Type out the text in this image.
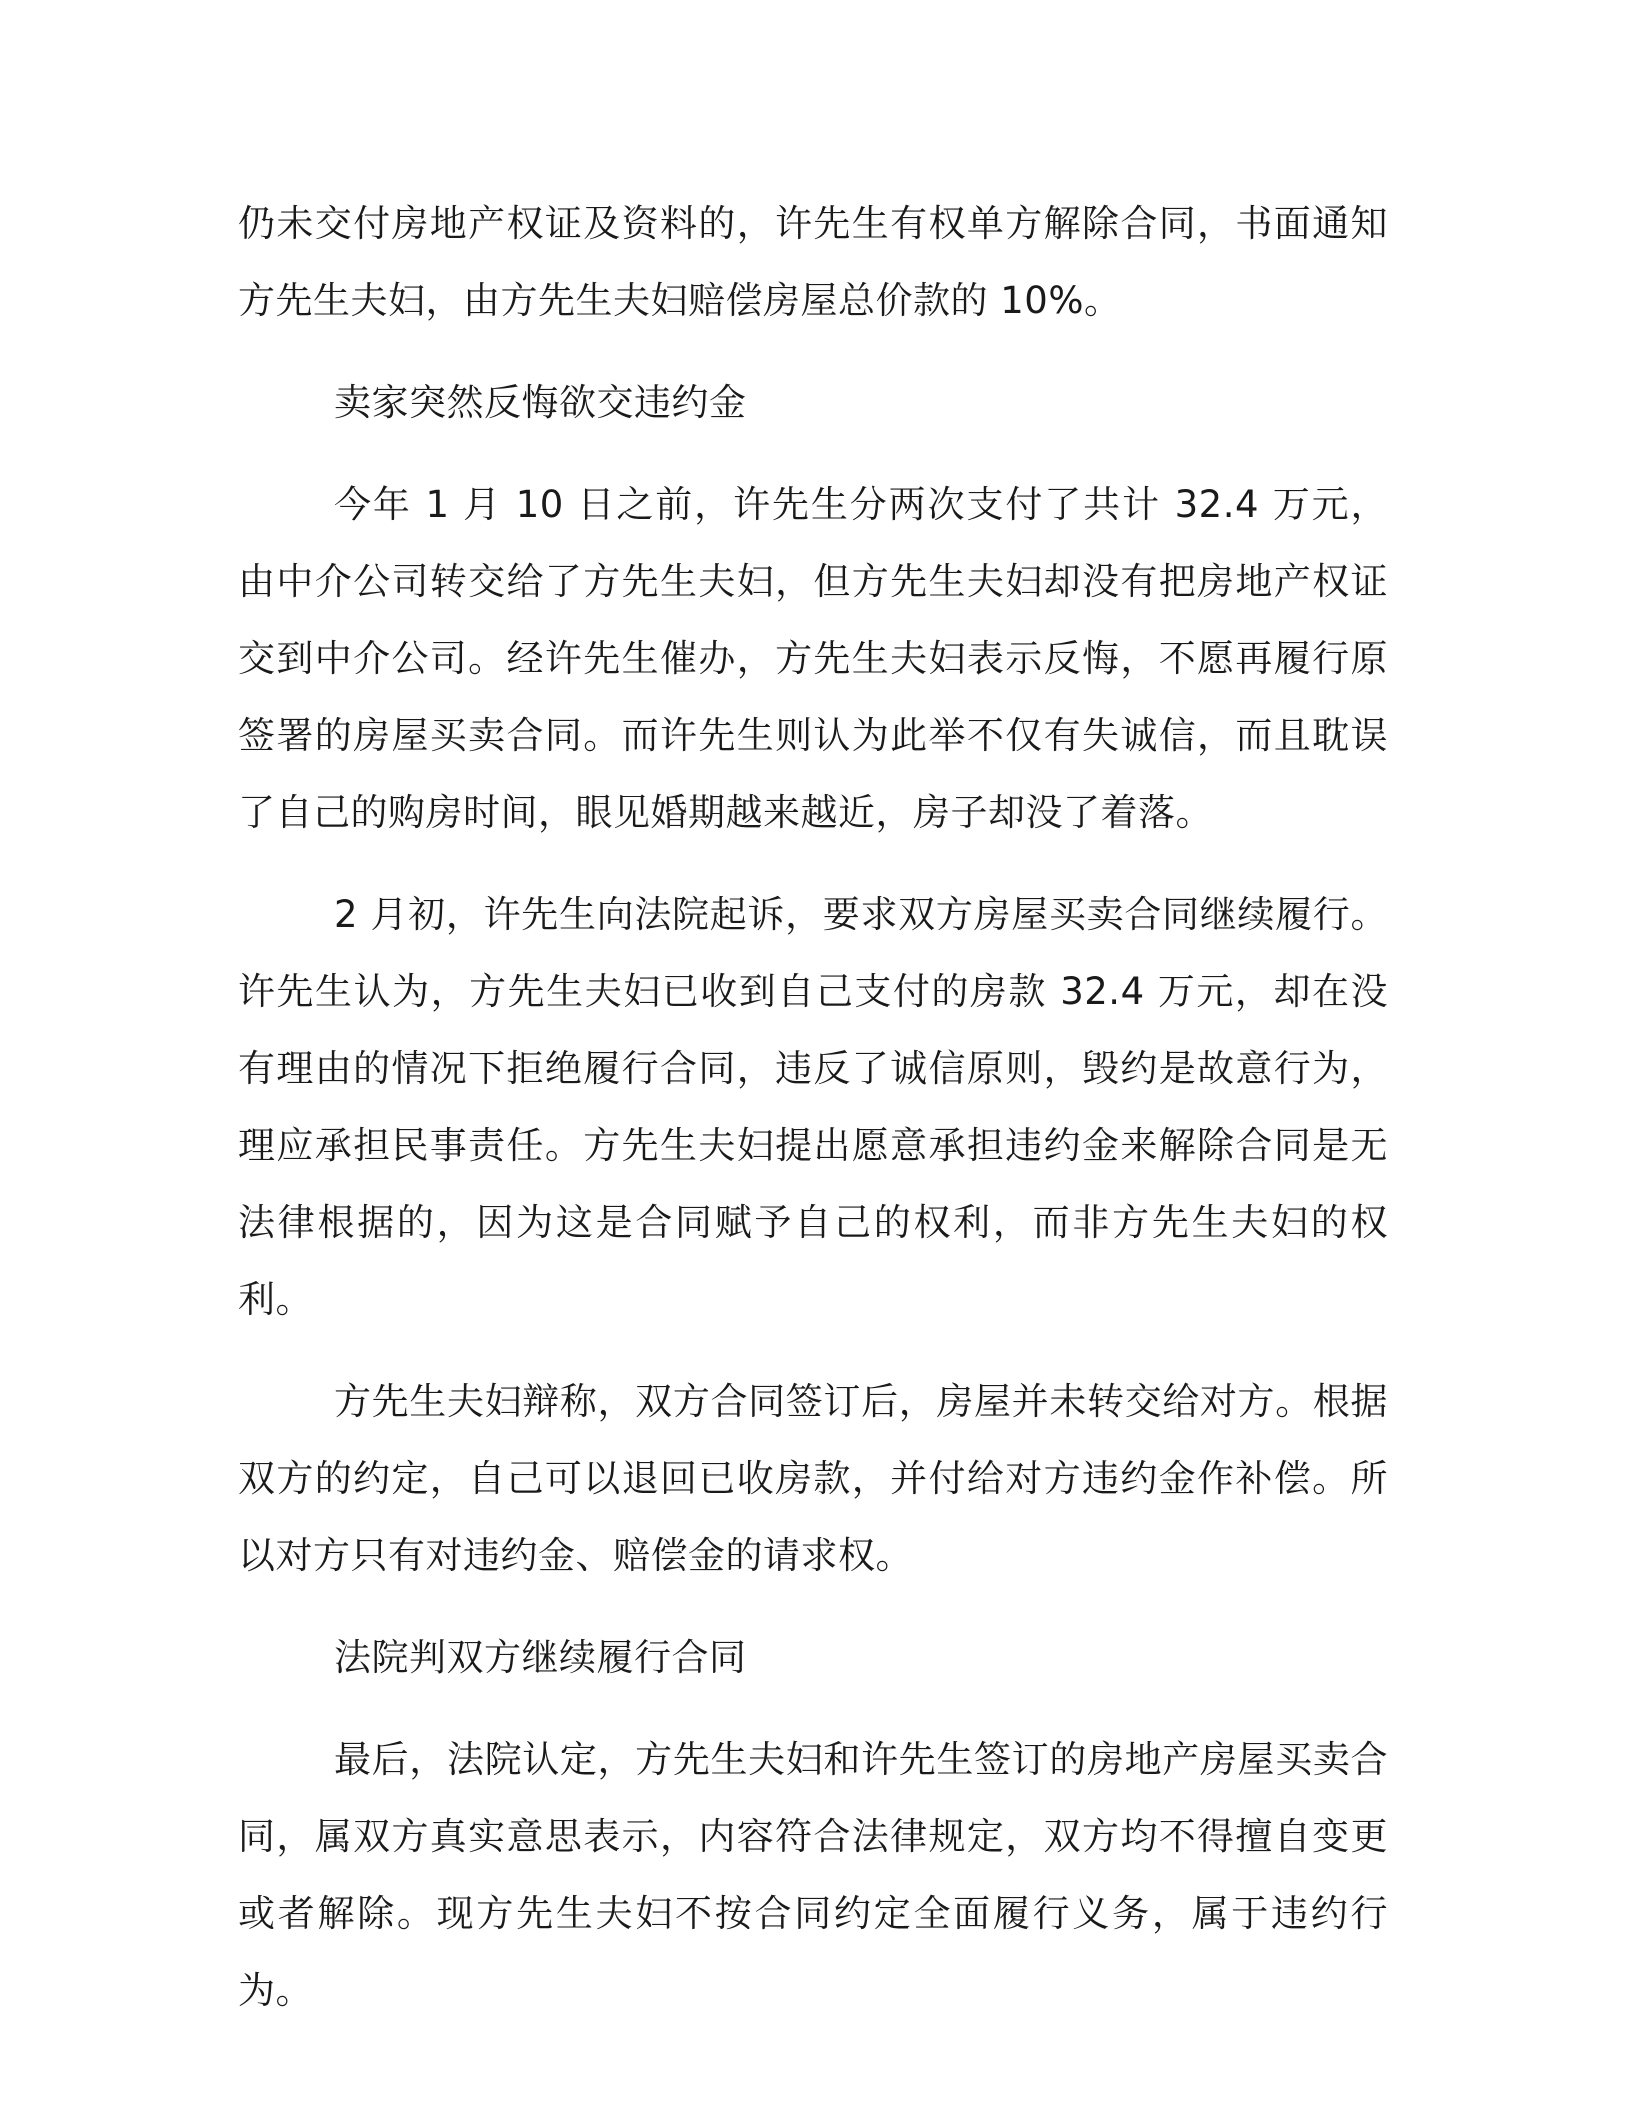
仍未交付房地产权证及资料的，许先生有权单方解除合同，书面通知方先生夫妇，由方先生夫妇赔偿房屋总价款的 10%。

卖家突然反悔欲交违约金

今年 1 月 10 日之前，许先生分两次支付了共计 32.4 万元，由中介公司转交给了方先生夫妇，但方先生夫妇却没有把房地产权证交到中介公司。经许先生催办，方先生夫妇表示反悔，不愿再履行原签署的房屋买卖合同。而许先生则认为此举不仅有失诚信，而且耽误了自己的购房时间，眼见婚期越来越近，房子却没了着落。

2 月初，许先生向法院起诉，要求双方房屋买卖合同继续履行。许先生认为，方先生夫妇已收到自己支付的房款 32.4 万元，却在没有理由的情况下拒绝履行合同，违反了诚信原则，毁约是故意行为，理应承担民事责任。方先生夫妇提出愿意承担违约金来解除合同是无法律根据的，因为这是合同赋予自己的权利，而非方先生夫妇的权利。

方先生夫妇辩称，双方合同签订后，房屋并未转交给对方。根据双方的约定，自己可以退回已收房款，并付给对方违约金作补偿。所以对方只有对违约金、赔偿金的请求权。

法院判双方继续履行合同

最后，法院认定，方先生夫妇和许先生签订的房地产房屋买卖合同，属双方真实意思表示，内容符合法律规定，双方均不得擅自变更或者解除。现方先生夫妇不按合同约定全面履行义务，属于违约行为。
